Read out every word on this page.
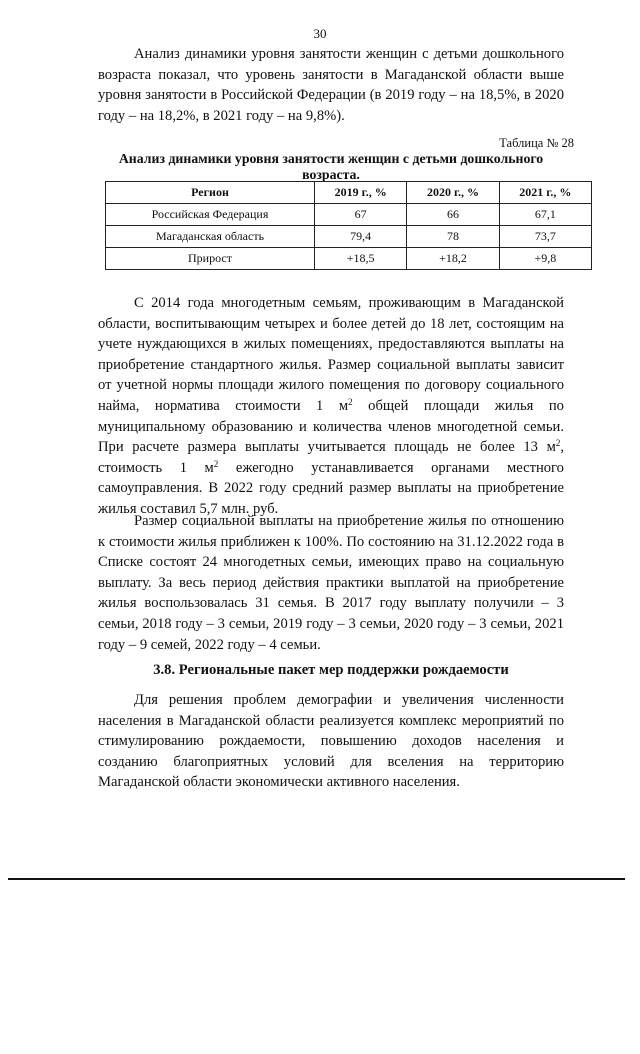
30

Анализ динамики уровня занятости женщин с детьми дошкольного возраста показал, что уровень занятости в Магаданской области выше уровня занятости в Российской Федерации (в 2019 году – на 18,5%, в 2020 году – на 18,2%, в 2021 году – на 9,8%).

Таблица № 28
Анализ динамики уровня занятости женщин с детьми дошкольного возраста.
Регион	2019 г., %	2020 г., %	2021 г., %
Российская Федерация	67	66	67,1
Магаданская область	79,4	78	73,7
Прирост	+18,5	+18,2	+9,8

С 2014 года многодетным семьям, проживающим в Магаданской области, воспитывающим четырех и более детей до 18 лет, состоящим на учете нуждающихся в жилых помещениях, предоставляются выплаты на приобретение стандартного жилья. Размер социальной выплаты зависит от учетной нормы площади жилого помещения по договору социального найма, норматива стоимости 1 $м^2$ общей площади жилья по муниципальному образованию и количества членов многодетной семьи. При расчете размера выплаты учитывается площадь не более 13 $м^2$, стоимость 1 $м^2$ ежегодно устанавливается органами местного самоуправления. В 2022 году средний размер выплаты на приобретение жилья составил 5,7 млн. руб.

Размер социальной выплаты на приобретение жилья по отношению к стоимости жилья приближен к 100%. По состоянию на 31.12.2022 года в Списке состоят 24 многодетных семьи, имеющих право на социальную выплату. За весь период действия практики выплатой на приобретение жилья воспользовалась 31 семья. В 2017 году выплату получили – 3 семьи, 2018 году – 3 семьи, 2019 году – 3 семьи, 2020 году – 3 семьи, 2021 году – 9 семей, 2022 году – 4 семьи.

3.8. Региональные пакет мер поддержки рождаемости

Для решения проблем демографии и увеличения численности населения в Магаданской области реализуется комплекс мероприятий по стимулированию рождаемости, повышению доходов населения и созданию благоприятных условий для вселения на территорию Магаданской области экономически активного населения.
